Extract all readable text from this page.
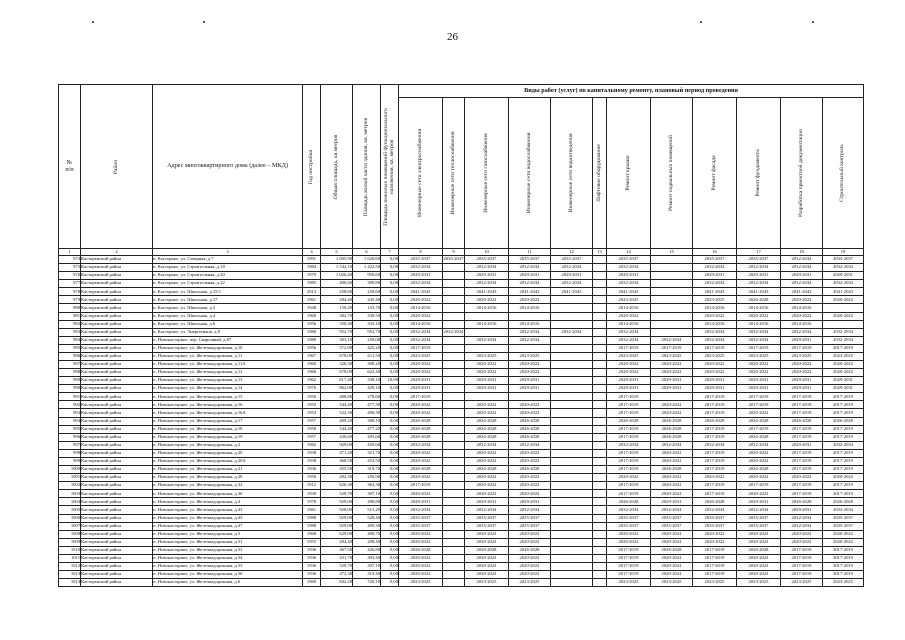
26
№
п/п	Район	Адрес многоквартирного дома (далее – МКД)	Год постройки	Общая площадь, кв.метров	Площадь жилой части здания, кв. метров	Площадь нежилых помещений функционального назначения, кв. метров	Виды работ (услуг) по капитальному ремонту, плановый период проведения											

							Инженерные сети электроснабжения	Инженерные сети теплоснабжения	Инженерные сети газоснабжения	Инженерные сети водоснабжения	Инженерные сети водоотведения	Лифтовое оборудование	Ремонт крыши	Ремонт подвальных помещений	Ремонт фасада	Ремонт фундамента	Разработка проектной документации	Строительный контроль

1	2	3	4	5	6	7	8	9	10	11	12	13	14	15	16	17	18	19
974	Касторенский район	п. Касторное, ул. Северная, д.7	1991	1 695,90	1 620,60	0,00	2035-2037	2035-2037	2035-2037	2035-2037	2035-2037		2035-2037		2035-2037	2035-2037	2032-2034	2035-2037
975	Касторенский район	п. Касторное, ул. Строительная, д.18	1984	1 542,10	1 422,50	0,00	2032-2034		2032-2034	2032-2034	2032-2034		2032-2034		2032-2034	2032-2034	2032-2034	2032-2034
976	Касторенский район	п. Касторное, ул. Строительная, д.20	1979	1 026,40	956,60	0,00	2029-2031		2029-2031	2029-2031	2029-2031		2029-2031		2029-2031	2029-2031	2029-2031	2029-2031
977	Касторенский район	п. Касторное, ул. Строительная, д.22	1985	490,60	390,80	0,00	2032-2034		2032-2034	2032-2034	2032-2034		2032-2034		2032-2034	2032-2034	2032-2034	2032-2034
978	Касторенский район	п. Касторное, ул. Школьная, д.15/1	2013	258,60	258,60	0,00	2041-2043		2041-2043	2041-2043	2041-2043		2041-2043		2041-2043	2041-2043	2041-2043	2041-2043
979	Касторенский район	п. Касторное, ул. Школьная, д.17	1961	284,40	245,40	0,00	2020-2022		2020-2022	2020-2022			2023-2025		2023-2025	2026-2028	2020-2022	2020-2022
980	Касторенский район	п. Касторное, ул. Школьная, д.3	1948	150,20	133,70	0,00	2014-2016		2014-2016	2014-2016			2014-2016		2014-2016	2014-2016	2014-2016	
981	Касторенский район	п. Касторное, ул. Школьная, д.4	1968	382,70	338,50	0,00	2020-2022						2020-2022		2020-2022	2020-2022	2020-2022	2020-2022
982	Касторенский район	п. Касторное, ул. Школьная, д.6	1956	350,40	333,10	0,00	2014-2016		2014-2016	2014-2016			2014-2016		2014-2016	2014-2016	2014-2016	
983	Касторенский район	п. Касторное, ул. Энергетиков, д.8	1986	952,70	952,70	0,00	2032-2034	2032-2034		2032-2034	2032-2034		2032-2034		2032-2034	2032-2034	2032-2034	2032-2034
984	Касторенский район	п. Новокасторное, пер. Сварочный, д.87	1980	303,10	258,00	0,00	2032-2034		2032-2034	2032-2034			2032-2034	2032-2034	2032-2034	2032-2034	2029-2031	2032-2034
985	Касторенский район	п. Новокасторное, ул. Железнодорожная, д.10	1956	572,90	425,20	0,00	2017-2019						2017-2019	2017-2019	2017-2019	2017-2019	2017-2019	2017-2019
986	Касторенский район	п. Новокасторное, ул. Железнодорожная, д.11	1967	678,00	611,50	0,00	2023-2025		2023-2025	2023-2025			2023-2025	2023-2025	2023-2025	2023-2025	2023-2025	2023-2025
987	Касторенский район	п. Новокасторное, ул. Железнодорожная, д.11А	1960	326,30	308,20	0,00	2020-2022		2020-2022	2020-2022			2020-2022	2020-2022	2020-2022	2020-2022	2020-2022	2020-2022
988	Касторенский район	п. Новокасторное, ул. Железнодорожная, д.12	1966	678,00	622,40	0,00	2020-2022		2020-2022	2020-2022			2020-2022	2020-2022	2020-2022	2020-2022	2020-2022	2020-2022
989	Касторенский район	п. Новокасторное, ул. Железнодорожная, д.13	1962	617,40	338,10	18,90	2029-2031		2029-2031	2029-2031			2029-2031	2029-2031	2029-2031	2029-2031	2029-2031	2029-2031
990	Касторенский район	п. Новокасторное, ул. Железнодорожная, д.14	1976	862,00	429,10	0,00	2029-2031		2029-2031	2029-2031			2029-2031	2029-2031	2029-2031	2029-2031	2029-2031	2029-2031
991	Касторенский район	п. Новокасторное, ул. Железнодорожная, д.15	1956	408,80	278,60	0,00	2017-2019						2017-2019		2017-2019	2017-2019	2017-2019	2017-2019
992	Касторенский район	п. Новокасторное, ул. Железнодорожная, д.16	1955	544,40	477,30	0,00	2020-2022		2020-2022	2020-2022			2017-2019	2020-2022	2017-2019	2017-2019	2017-2019	2017-2019
993	Касторенский район	п. Новокасторное, ул. Железнодорожная, д.16А	1953	522,30	490,30	0,00	2020-2022		2020-2022	2020-2022			2017-2019	2020-2022	2017-2019	2020-2022	2017-2019	2017-2019
994	Касторенский район	п. Новокасторное, ул. Железнодорожная, д.17	1957	409,20	308,10	0,00	2026-2028		2026-2028	2026-2028			2026-2028	2026-2028	2026-2028	2026-2028	2026-2028	2026-2028
995	Касторенский район	п. Новокасторное, ул. Железнодорожная, д.18	1958	544,40	477,20	0,00	2026-2028		2026-2028	2026-2028			2017-2019	2026-2028	2017-2019	2017-2019	2017-2019	2017-2019
996	Касторенский район	п. Новокасторное, ул. Железнодорожная, д.19	1957	430,60	295,60	0,00	2026-2028		2026-2028	2026-2028			2017-2019	2026-2028	2017-2019	2026-2028	2017-2019	2017-2019
997	Касторенский район	п. Новокасторное, ул. Железнодорожная, д.2	1982	929,00	450,60	0,00	2032-2034		2032-2034	2032-2034			2032-2034	2032-2034	2032-2034	2032-2034	2029-2031	2032-2034
998	Касторенский район	п. Новокасторное, ул. Железнодорожная, д.20	1938	471,20	321,70	0,00	2020-2022		2020-2022	2020-2022			2017-2019	2020-2022	2017-2019	2020-2022	2017-2019	2017-2019
999	Касторенский район	п. Новокасторное, ул. Железнодорожная, д.20А	1938	468,50	453,50	0,00	2020-2022		2020-2022	2020-2022			2017-2019	2020-2022	2017-2019	2020-2022	2017-2019	2017-2019
1000	Касторенский район	п. Новокасторное, ул. Железнодорожная, д.21	1936	455,50	319,70	0,00	2026-2028		2026-2028	2026-2028			2017-2019	2026-2028	2017-2019	2026-2028	2017-2019	2017-2019
1001	Касторенский район	п. Новокасторное, ул. Железнодорожная, д.28	1956	282,30	256,90	0,00	2020-2022		2020-2022	2020-2022			2020-2022	2020-2022	2020-2022	2020-2022	2020-2022	2020-2022
1002	Касторенский район	п. Новокасторное, ул. Железнодорожная, д.32	1912	626,30	363,30	0,00	2017-2019		2020-2022	2020-2022			2017-2019	2020-2022	2017-2019	2017-2019	2017-2019	2017-2019
1003	Касторенский район	п. Новокасторное, ул. Железнодорожная, д.36	1939	529,70	397,10	0,00	2020-2022		2020-2022	2020-2022			2017-2019	2020-2022	2017-2019	2020-2022	2017-2019	2017-2019
1004	Касторенский район	п. Новокасторное, ул. Железнодорожная, д.4	1978	929,00	490,80	0,00	2029-2031		2029-2031	2029-2031			2026-2028	2029-2031	2026-2028	2029-2031	2026-2028	2026-2028
1005	Касторенский район	п. Новокасторное, ул. Железнодорожная, д.43	1961	928,00	515,20	0,00	2032-2034		2032-2034	2032-2034			2032-2034	2032-2034	2032-2034	2032-2034	2029-2031	2032-2034
1006	Касторенский район	п. Новокасторное, ул. Железнодорожная, д.45	1988	929,00	528,40	0,00	2035-2037		2035-2037	2035-2037			2035-2037	2035-2037	2035-2037	2035-2037	2032-2034	2035-2037
1007	Касторенский район	п. Новокасторное, ул. Железнодорожная, д.47	1988	929,00	499,30	0,00	2035-2037		2035-2037	2035-2037			2035-2037	2035-2037	2035-2037	2035-2037	2032-2034	2035-2037
1008	Касторенский район	п. Новокасторное, ул. Железнодорожная, д.5	1968	629,00	408,70	0,00	2020-2022		2020-2022	2020-2022			2020-2022	2020-2022	2020-2022	2020-2022	2020-2022	2020-2022
1009	Касторенский район	п. Новокасторное, ул. Железнодорожная, д.51	1955	284,40	208,40	0,00	2020-2022		2020-2022	2020-2022			2020-2022	2020-2022	2020-2022	2020-2022	2020-2022	2020-2022
1010	Касторенский район	п. Новокасторное, ул. Железнодорожная, д.52	1936	467,50	426,80	0,00	2026-2028		2026-2028	2026-2028			2017-2019	2026-2028	2017-2019	2026-2028	2017-2019	2017-2019
1011	Касторенский район	п. Новокасторное, ул. Железнодорожная, д.54	1936	431,70	303,40	0,00	2020-2022		2020-2022	2020-2022			2017-2019	2020-2022	2017-2019	2020-2022	2017-2019	2017-2019
1012	Касторенский район	п. Новокасторное, ул. Железнодорожная, д.55	1936	529,70	397,10	0,00	2020-2022		2020-2022	2020-2022			2017-2019	2020-2022	2017-2019	2020-2022	2017-2019	2017-2019
1013	Касторенский район	п. Новокасторное, ул. Железнодорожная, д.56	1936	472,30	319,40	0,00	2020-2022		2020-2022	2020-2022			2017-2019	2020-2022	2017-2019	2020-2022	2017-2019	2017-2019
1014	Касторенский район	п. Новокасторное, ул. Железнодорожная, д.6	1969	842,20	720,10	0,00	2023-2025		2023-2025	2023-2025			2023-2025	2023-2025	2023-2025	2023-2025	2023-2025	2023-2025
